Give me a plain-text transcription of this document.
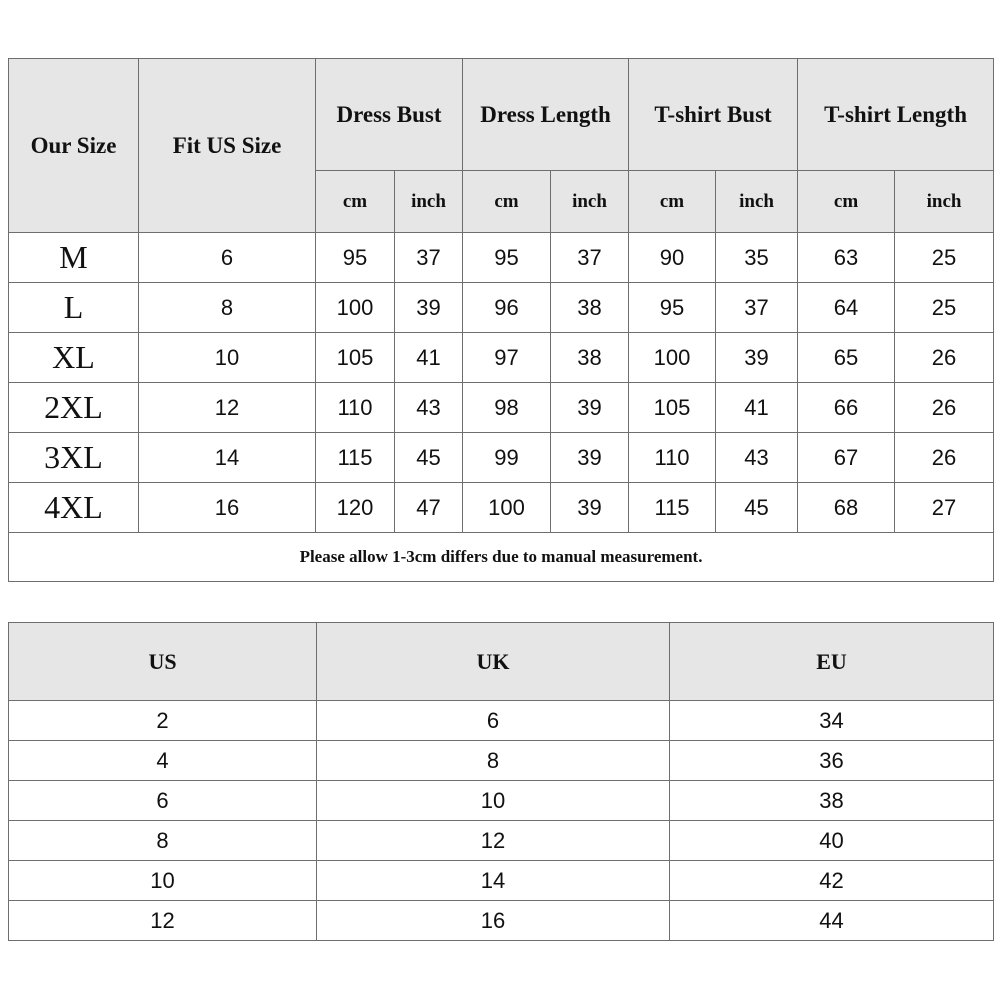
Our Size	Fit US Size	Dress Bust		Dress Length		T-shirt Bust		T-shirt Length	
		cm	inch	cm	inch	cm	inch	cm	inch
M	6	95	37	95	37	90	35	63	25
L	8	100	39	96	38	95	37	64	25
XL	10	105	41	97	38	100	39	65	26
2XL	12	110	43	98	39	105	41	66	26
3XL	14	115	45	99	39	110	43	67	26
4XL	16	120	47	100	39	115	45	68	27
Please allow 1-3cm differs due to manual measurement.									
US	UK	EU
2	6	34
4	8	36
6	10	38
8	12	40
10	14	42
12	16	44
